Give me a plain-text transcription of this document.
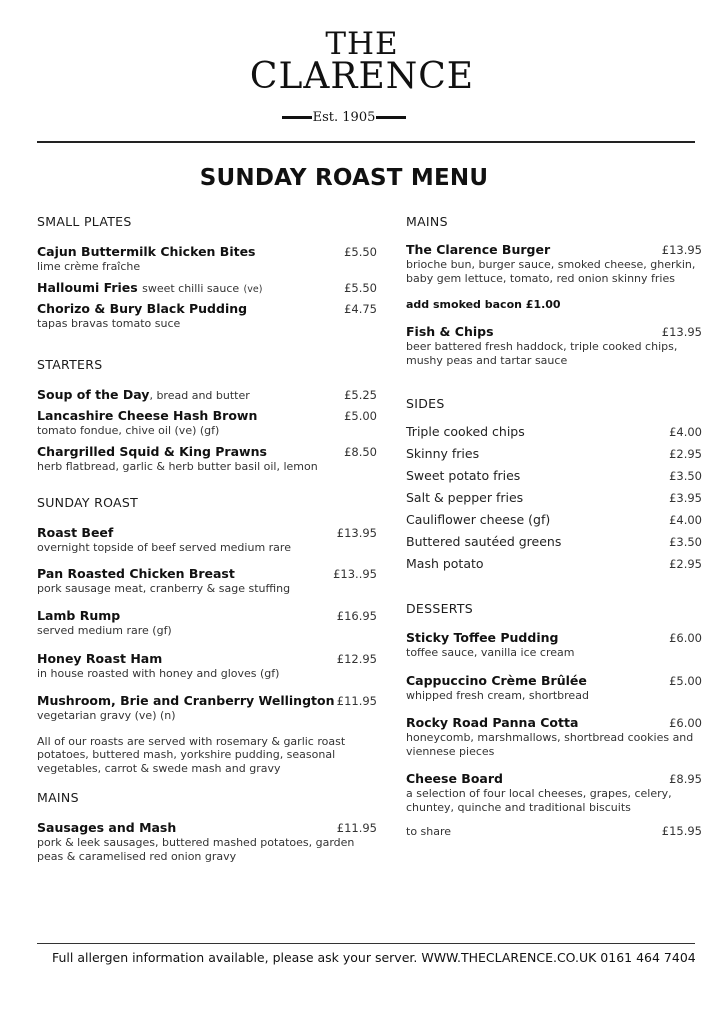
THE
CLARENCE
Est. 1905
SUNDAY ROAST MENU
SMALL PLATES
Cajun Buttermilk Chicken Bites	£5.50
lime crème fraîche
Halloumi Fries sweet chilli sauce (ve)	£5.50
Chorizo & Bury Black Pudding	£4.75
tapas bravas tomato suce
STARTERS
Soup of the Day, bread and butter	£5.25
Lancashire Cheese Hash Brown	£5.00
tomato fondue, chive oil (ve) (gf)
Chargrilled Squid & King Prawns	£8.50
herb flatbread, garlic & herb butter basil oil, lemon
SUNDAY ROAST
Roast Beef	£13.95
overnight topside of beef served medium rare
Pan Roasted Chicken Breast	£13..95
pork sausage meat, cranberry & sage stuffing
Lamb Rump	£16.95
served medium rare (gf)
Honey Roast Ham	£12.95
in house roasted with honey and gloves (gf)
Mushroom, Brie and Cranberry Wellington £11.95
vegetarian gravy (ve) (n)
All of our roasts are served with rosemary & garlic roast potatoes, buttered mash, yorkshire pudding, seasonal vegetables, carrot & swede mash and gravy
MAINS
Sausages and Mash	£11.95
pork & leek sausages, buttered mashed potatoes, garden peas & caramelised red onion gravy
MAINS
The Clarence Burger	£13.95
brioche bun, burger sauce, smoked cheese, gherkin, baby gem lettuce, tomato, red onion skinny fries
add smoked bacon £1.00
Fish & Chips	£13.95
beer battered fresh haddock, triple cooked chips, mushy peas and tartar sauce
SIDES
Triple cooked chips	£4.00
Skinny fries	£2.95
Sweet potato fries	£3.50
Salt & pepper fries	£3.95
Cauliflower cheese (gf)	£4.00
Buttered sautéed greens	£3.50
Mash potato	£2.95
DESSERTS
Sticky Toffee Pudding	£6.00
toffee sauce, vanilla ice cream
Cappuccino Crème Brûlée	£5.00
whipped fresh cream, shortbread
Rocky Road Panna Cotta	£6.00
honeycomb, marshmallows, shortbread cookies and viennese pieces
Cheese Board	£8.95
a selection of four local cheeses, grapes, celery, chuntey, quinche and traditional biscuits
to share	£15.95
Full allergen information available, please ask your server. WWW.THECLARENCE.CO.UK 0161 464 7404
